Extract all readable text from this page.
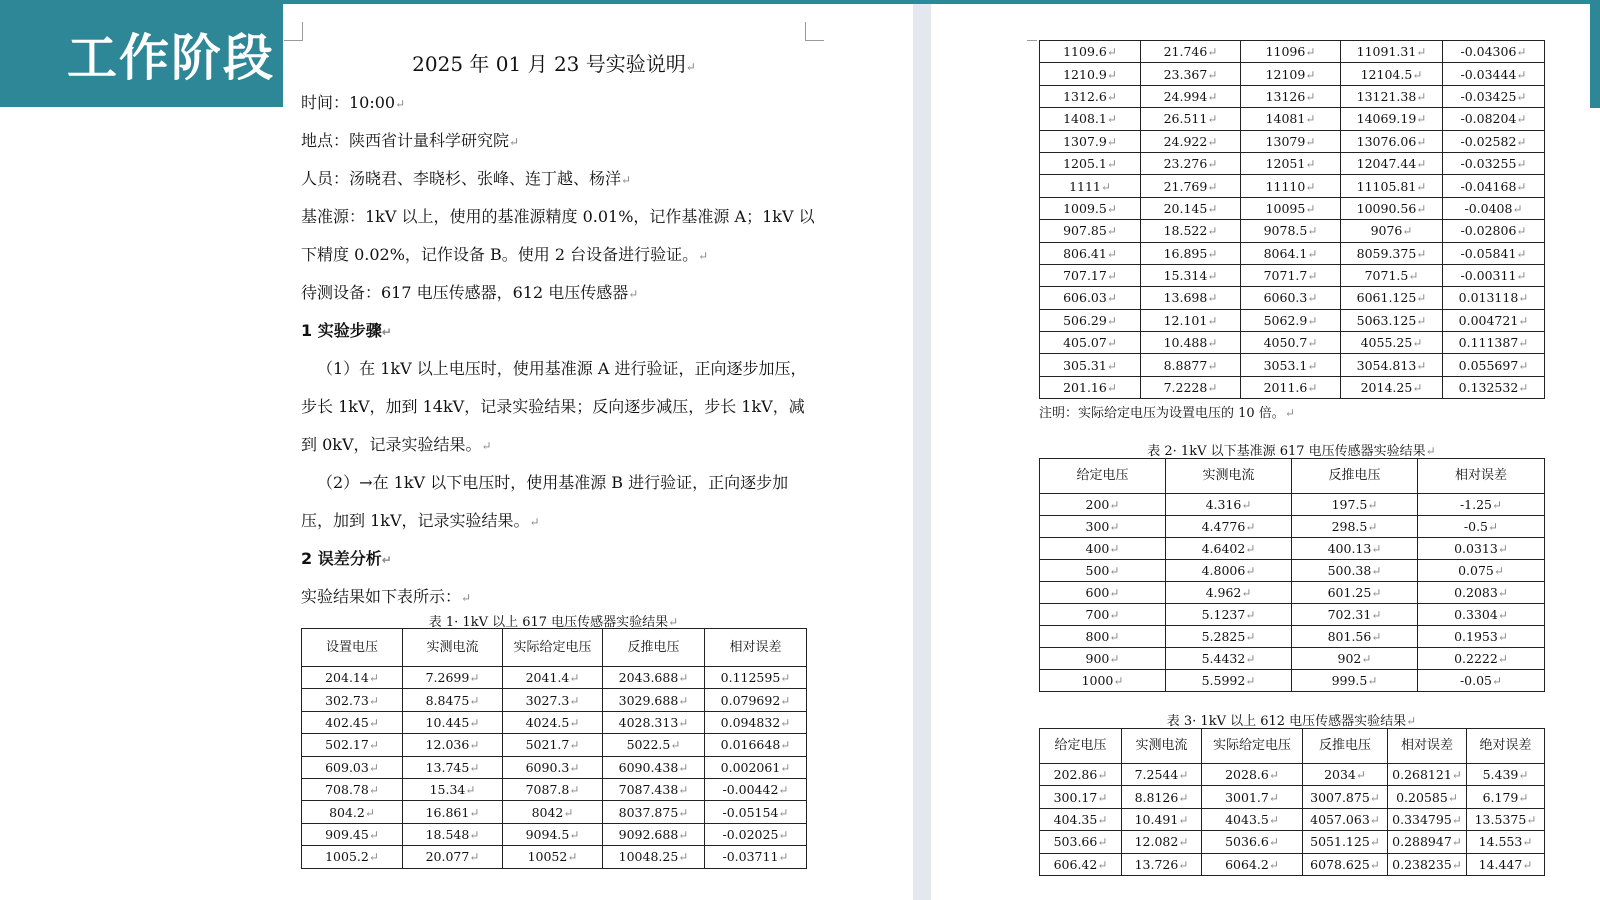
工作阶段	2025 年 01 月 23 号实验说明↵
时间：10:00↵
地点：陕西省计量科学研究院↵
人员：汤晓君、李晓杉、张峰、连丁越、杨洋↵
基准源：1kV 以上，使用的基准源精度 0.01%，记作基准源 A；1kV 以
下精度 0.02%，记作设备 B。使用 2 台设备进行验证。↵
待测设备：617 电压传感器，612 电压传感器↵
1 实验步骤↵
（1）在 1kV 以上电压时，使用基准源 A 进行验证，正向逐步加压，
步长 1kV，加到 14kV，记录实验结果；反向逐步减压，步长 1kV，减
到 0kV，记录实验结果。↵
（2）→在 1kV 以下电压时，使用基准源 B 进行验证，正向逐步加
压，加到 1kV，记录实验结果。↵
2 误差分析↵
实验结果如下表所示：↵
表 1· 1kV 以上 617 电压传感器实验结果↵
设置电压	实测电流	实际给定电压	反推电压	相对误差
204.14↵	7.2699↵	2041.4↵	2043.688↵	0.112595↵
302.73↵	8.8475↵	3027.3↵	3029.688↵	0.079692↵
402.45↵	10.445↵	4024.5↵	4028.313↵	0.094832↵
502.17↵	12.036↵	5021.7↵	5022.5↵	0.016648↵
609.03↵	13.745↵	6090.3↵	6090.438↵	0.002061↵
708.78↵	15.34↵	7087.8↵	7087.438↵	-0.00442↵
804.2↵	16.861↵	8042↵	8037.875↵	-0.05154↵
909.45↵	18.548↵	9094.5↵	9092.688↵	-0.02025↵
1005.2↵	20.077↵	10052↵	10048.25↵	-0.03711↵
1109.6↵	21.746↵	11096↵	11091.31↵	-0.04306↵
1210.9↵	23.367↵	12109↵	12104.5↵	-0.03444↵
1312.6↵	24.994↵	13126↵	13121.38↵	-0.03425↵
1408.1↵	26.511↵	14081↵	14069.19↵	-0.08204↵
1307.9↵	24.922↵	13079↵	13076.06↵	-0.02582↵
1205.1↵	23.276↵	12051↵	12047.44↵	-0.03255↵
1111↵	21.769↵	11110↵	11105.81↵	-0.04168↵
1009.5↵	20.145↵	10095↵	10090.56↵	-0.0408↵
907.85↵	18.522↵	9078.5↵	9076↵	-0.02806↵
806.41↵	16.895↵	8064.1↵	8059.375↵	-0.05841↵
707.17↵	15.314↵	7071.7↵	7071.5↵	-0.00311↵
606.03↵	13.698↵	6060.3↵	6061.125↵	0.013118↵
506.29↵	12.101↵	5062.9↵	5063.125↵	0.004721↵
405.07↵	10.488↵	4050.7↵	4055.25↵	0.111387↵
305.31↵	8.8877↵	3053.1↵	3054.813↵	0.055697↵
201.16↵	7.2228↵	2011.6↵	2014.25↵	0.132532↵
注明：实际给定电压为设置电压的 10 倍。↵
表 2· 1kV 以下基准源 617 电压传感器实验结果↵
给定电压	实测电流	反推电压	相对误差
200↵	4.316↵	197.5↵	-1.25↵
300↵	4.4776↵	298.5↵	-0.5↵
400↵	4.6402↵	400.13↵	0.0313↵
500↵	4.8006↵	500.38↵	0.075↵
600↵	4.962↵	601.25↵	0.2083↵
700↵	5.1237↵	702.31↵	0.3304↵
800↵	5.2825↵	801.56↵	0.1953↵
900↵	5.4432↵	902↵	0.2222↵
1000↵	5.5992↵	999.5↵	-0.05↵
表 3· 1kV 以上 612 电压传感器实验结果↵
给定电压	实测电流	实际给定电压	反推电压	相对误差	绝对误差
202.86↵	7.2544↵	2028.6↵	2034↵	0.268121↵	5.439↵
300.17↵	8.8126↵	3001.7↵	3007.875↵	0.20585↵	6.179↵
404.35↵	10.491↵	4043.5↵	4057.063↵	0.334795↵	13.5375↵
503.66↵	12.082↵	5036.6↵	5051.125↵	0.288947↵	14.553↵
606.42↵	13.726↵	6064.2↵	6078.625↵	0.238235↵	14.447↵
